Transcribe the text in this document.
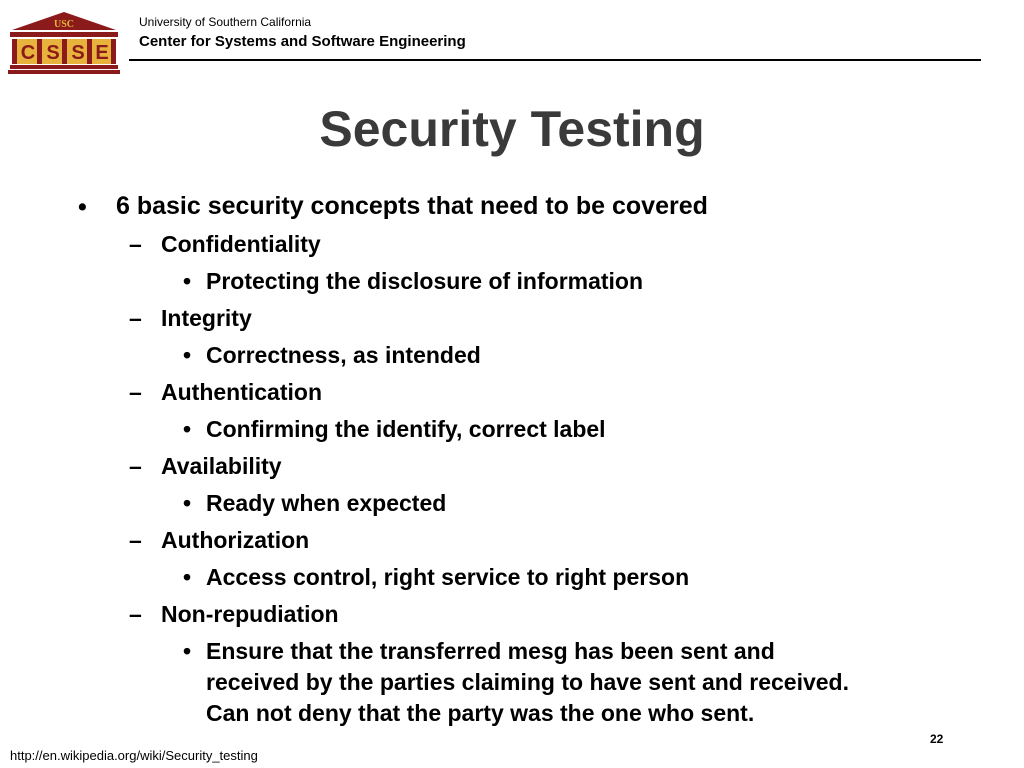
USC
C S S E
University of Southern California
Center for Systems and Software Engineering
Security Testing
• 6 basic security concepts that need to be covered
– Confidentiality
• Protecting the disclosure of information
– Integrity
• Correctness, as intended
– Authentication
• Confirming the identify, correct label
– Availability
• Ready when expected
– Authorization
• Access control, right service to right person
– Non-repudiation
• Ensure that the transferred mesg has been sent and
received by the parties claiming to have sent and received.
Can not deny that the party was the one who sent.
http://en.wikipedia.org/wiki/Security_testing
22
